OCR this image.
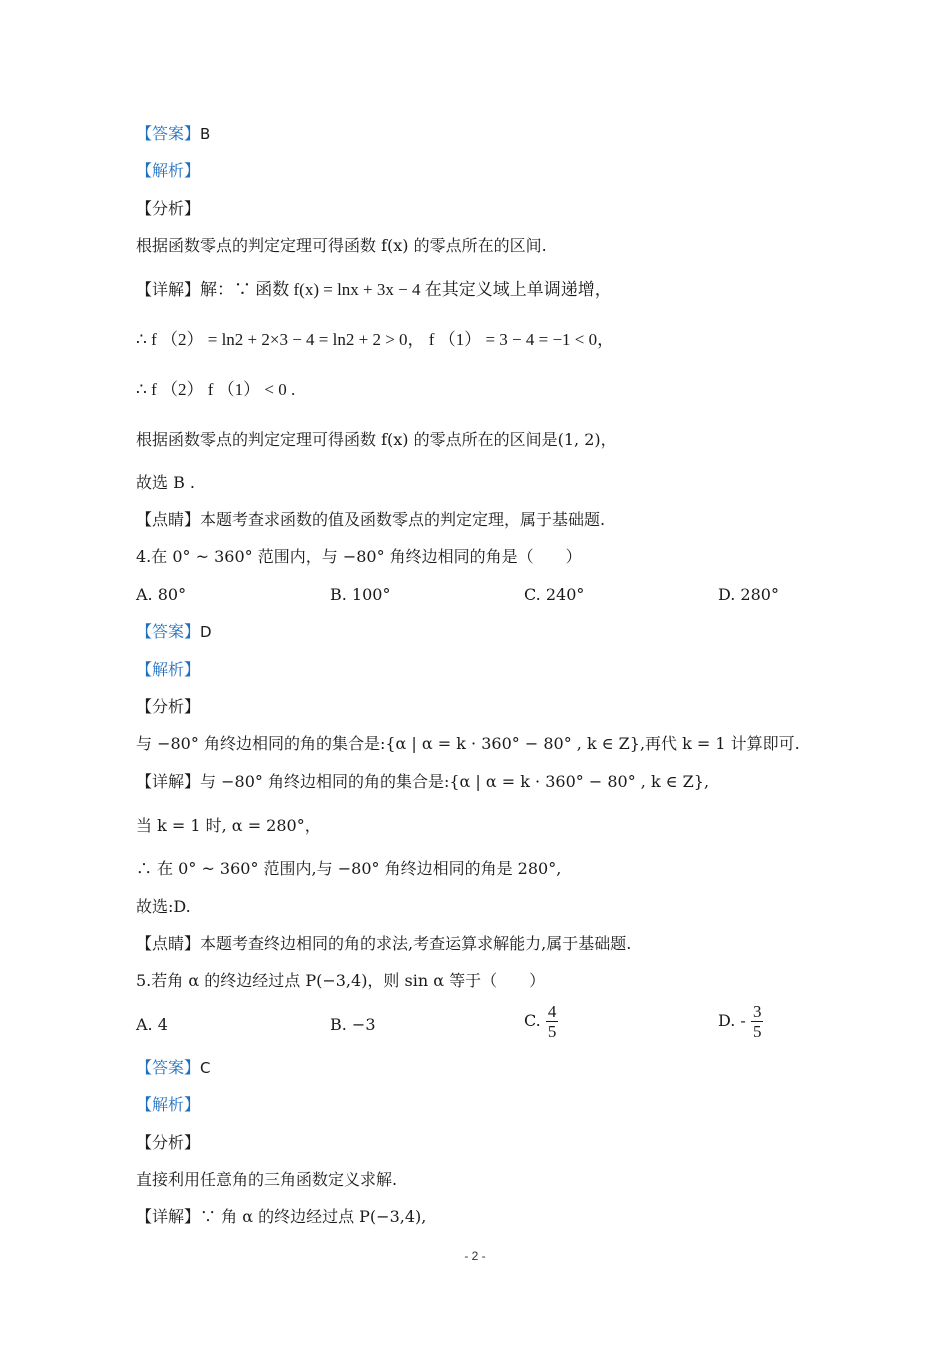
【答案】B
【解析】
【分析】
根据函数零点的判定定理可得函数 f(x) 的零点所在的区间.
【详解】解：∵ 函数 f(x) = lnx + 3x − 4 在其定义域上单调递增，
∴ f （2） = ln2 + 2×3 − 4 = ln2 + 2 > 0， f （1） = 3 − 4 = −1 < 0，
∴ f （2） f （1） < 0 .
根据函数零点的判定定理可得函数 f(x) 的零点所在的区间是(1, 2)，
故选 B .
【点睛】本题考查求函数的值及函数零点的判定定理，属于基础题.
4.在 0° ~ 360° 范围内，与 −80° 角终边相同的角是（　　）
A. 80°	B. 100°	C. 240°	D. 280°
【答案】D
【解析】
【分析】
与 −80° 角终边相同的角的集合是:{α | α = k · 360° − 80° , k ∈ Z},再代 k = 1 计算即可.
【详解】与 −80° 角终边相同的角的集合是:{α | α = k · 360° − 80° , k ∈ Z},
当 k = 1 时, α = 280°，
∴ 在 0° ~ 360° 范围内,与 −80° 角终边相同的角是 280°,
故选:D.
【点睛】本题考查终边相同的角的求法,考查运算求解能力,属于基础题.
5.若角 α 的终边经过点 P(−3,4)，则 sin α 等于（　　）
A. 4	B. −3	C. $\frac{4}{5}$	D. - $\frac{3}{5}$
【答案】C
【解析】
【分析】
直接利用任意角的三角函数定义求解.
【详解】∵ 角 α 的终边经过点 P(−3,4),
- 2 -
